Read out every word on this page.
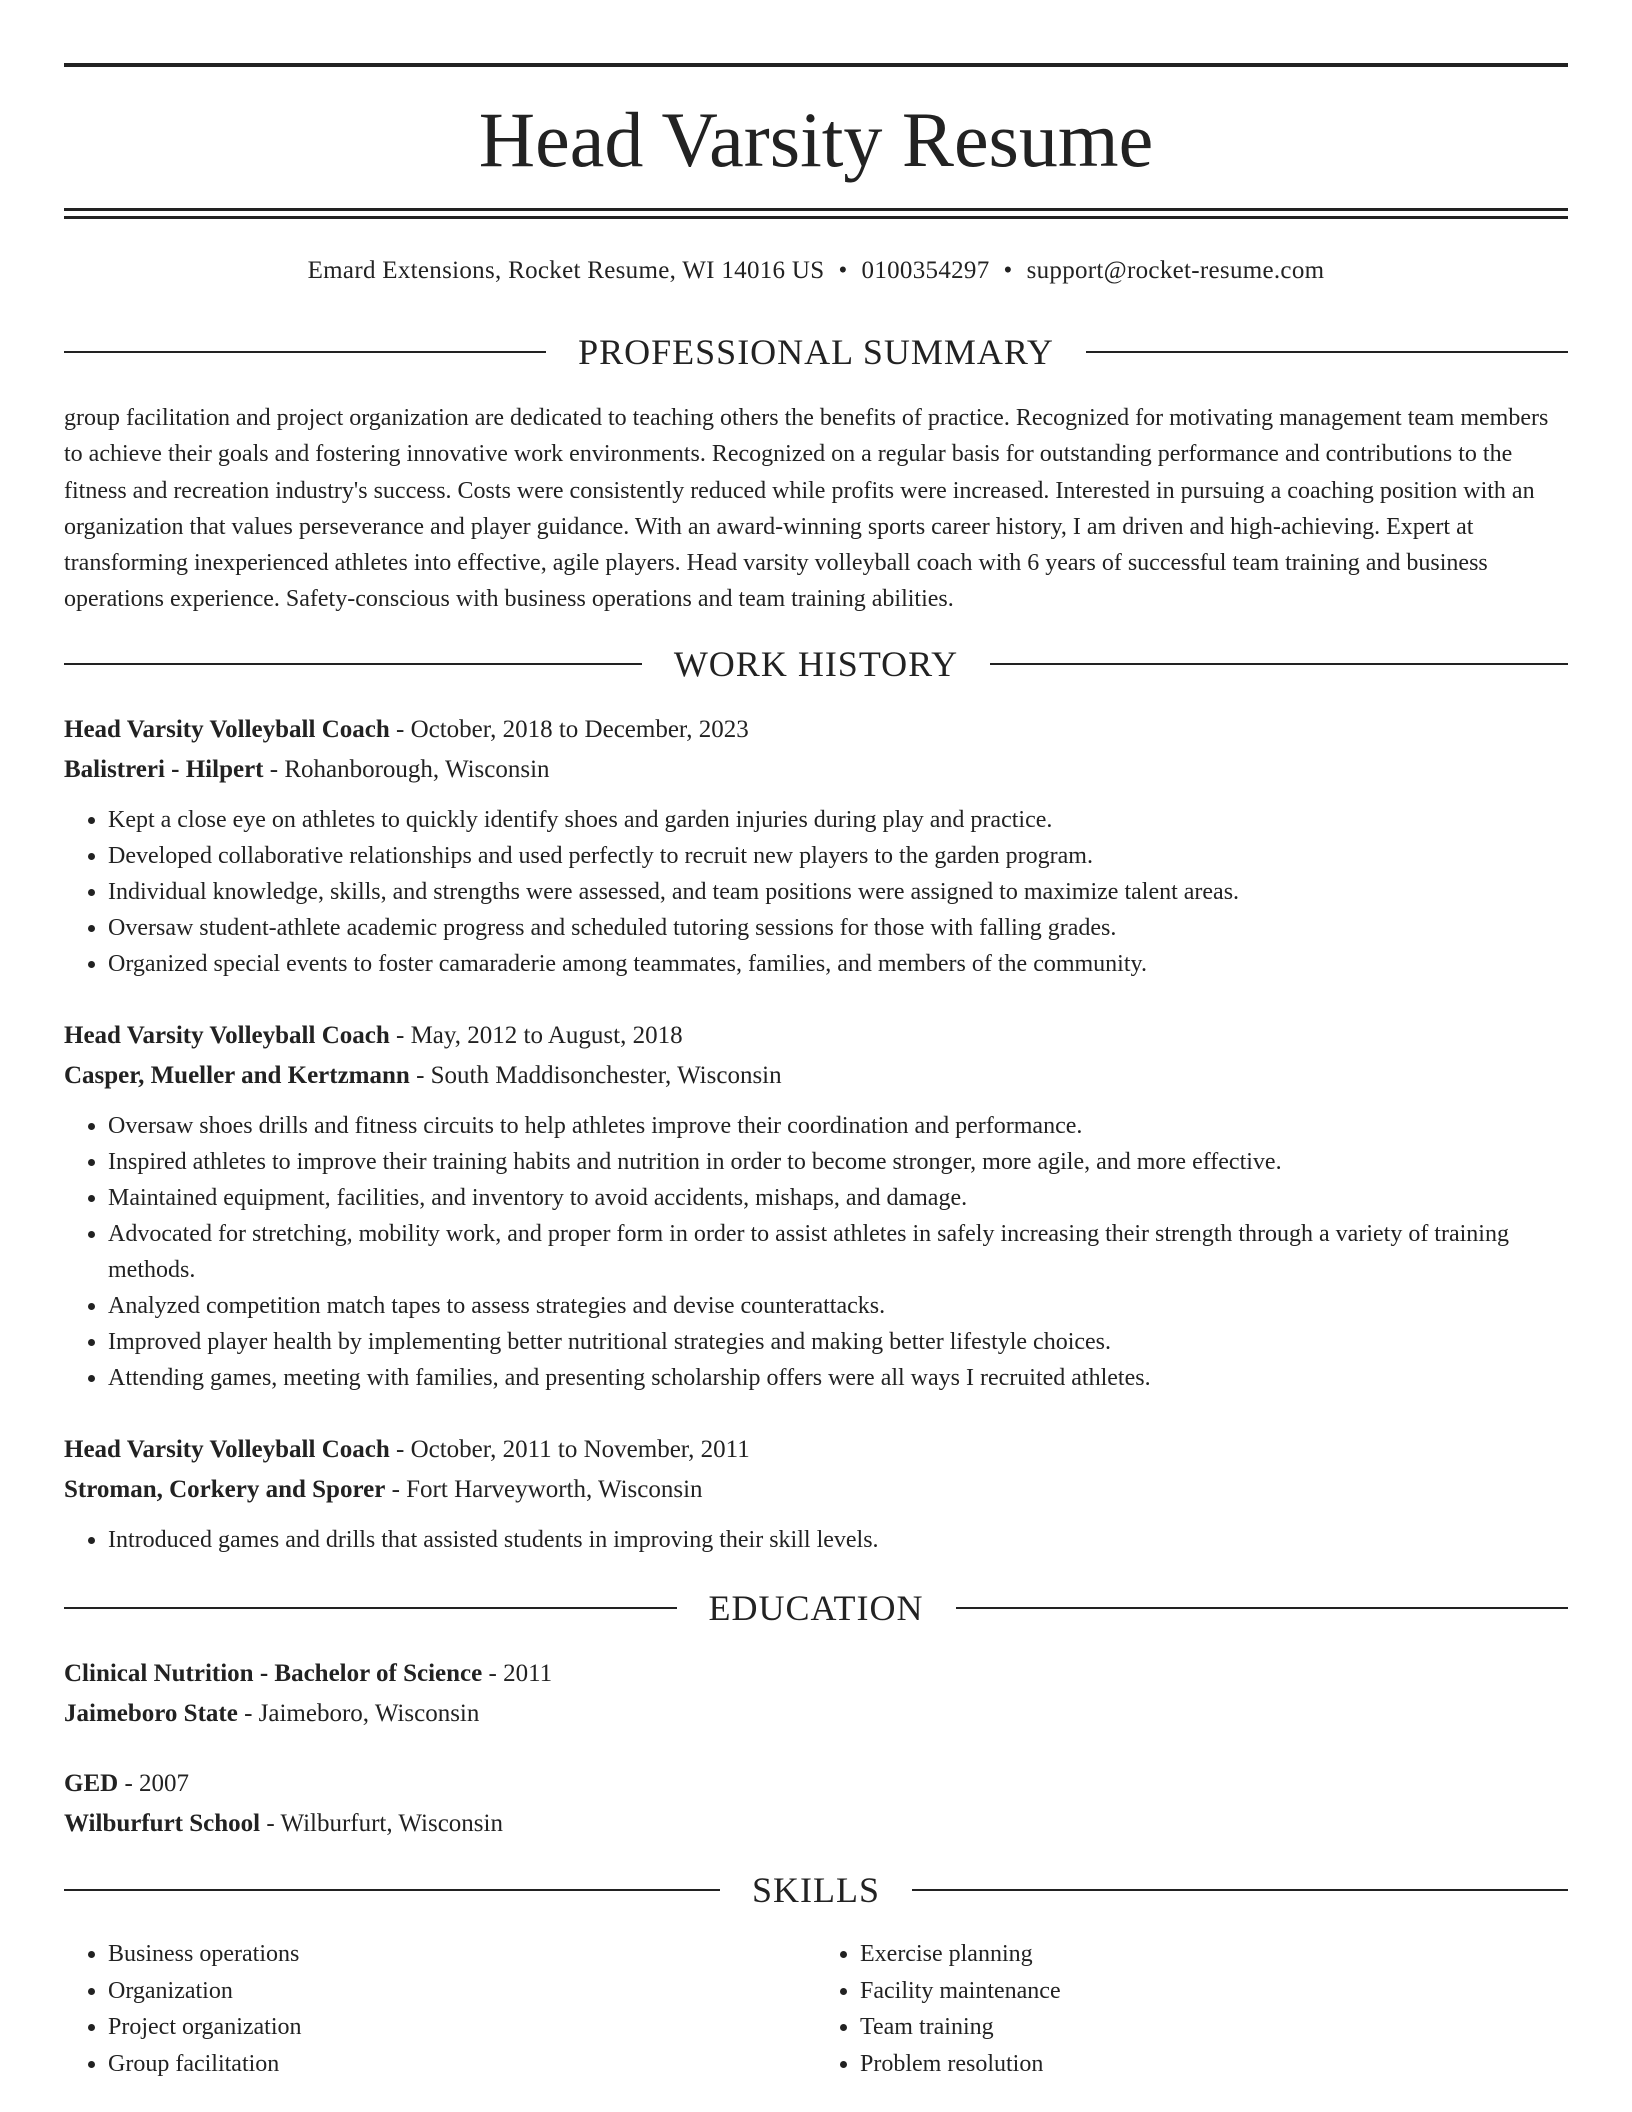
Head Varsity Resume
Emard Extensions, Rocket Resume, WI 14016 US • 0100354297 • support@rocket-resume.com
PROFESSIONAL SUMMARY

group facilitation and project organization are dedicated to teaching others the benefits of practice. Recognized for motivating management team members to achieve their goals and fostering innovative work environments. Recognized on a regular basis for outstanding performance and contributions to the fitness and recreation industry's success. Costs were consistently reduced while profits were increased. Interested in pursuing a coaching position with an organization that values perseverance and player guidance. With an award-winning sports career history, I am driven and high-achieving. Expert at transforming inexperienced athletes into effective, agile players. Head varsity volleyball coach with 6 years of successful team training and business operations experience. Safety-conscious with business operations and team training abilities.

WORK HISTORY
Head Varsity Volleyball Coach - October, 2018 to December, 2023
Balistreri - Hilpert - Rohanborough, Wisconsin
• Kept a close eye on athletes to quickly identify shoes and garden injuries during play and practice.
• Developed collaborative relationships and used perfectly to recruit new players to the garden program.
• Individual knowledge, skills, and strengths were assessed, and team positions were assigned to maximize talent areas.
• Oversaw student-athlete academic progress and scheduled tutoring sessions for those with falling grades.
• Organized special events to foster camaraderie among teammates, families, and members of the community.
Head Varsity Volleyball Coach - May, 2012 to August, 2018
Casper, Mueller and Kertzmann - South Maddisonchester, Wisconsin
• Oversaw shoes drills and fitness circuits to help athletes improve their coordination and performance.
• Inspired athletes to improve their training habits and nutrition in order to become stronger, more agile, and more effective.
• Maintained equipment, facilities, and inventory to avoid accidents, mishaps, and damage.
• Advocated for stretching, mobility work, and proper form in order to assist athletes in safely increasing their strength through a variety of training methods.
• Analyzed competition match tapes to assess strategies and devise counterattacks.
• Improved player health by implementing better nutritional strategies and making better lifestyle choices.
• Attending games, meeting with families, and presenting scholarship offers were all ways I recruited athletes.
Head Varsity Volleyball Coach - October, 2011 to November, 2011
Stroman, Corkery and Sporer - Fort Harveyworth, Wisconsin
• Introduced games and drills that assisted students in improving their skill levels.
EDUCATION
Clinical Nutrition - Bachelor of Science - 2011
Jaimeboro State - Jaimeboro, Wisconsin
GED - 2007
Wilburfurt School - Wilburfurt, Wisconsin
SKILLS
• Business operations
• Organization
• Project organization
• Group facilitation
• Exercise planning
• Facility maintenance
• Team training
• Problem resolution
